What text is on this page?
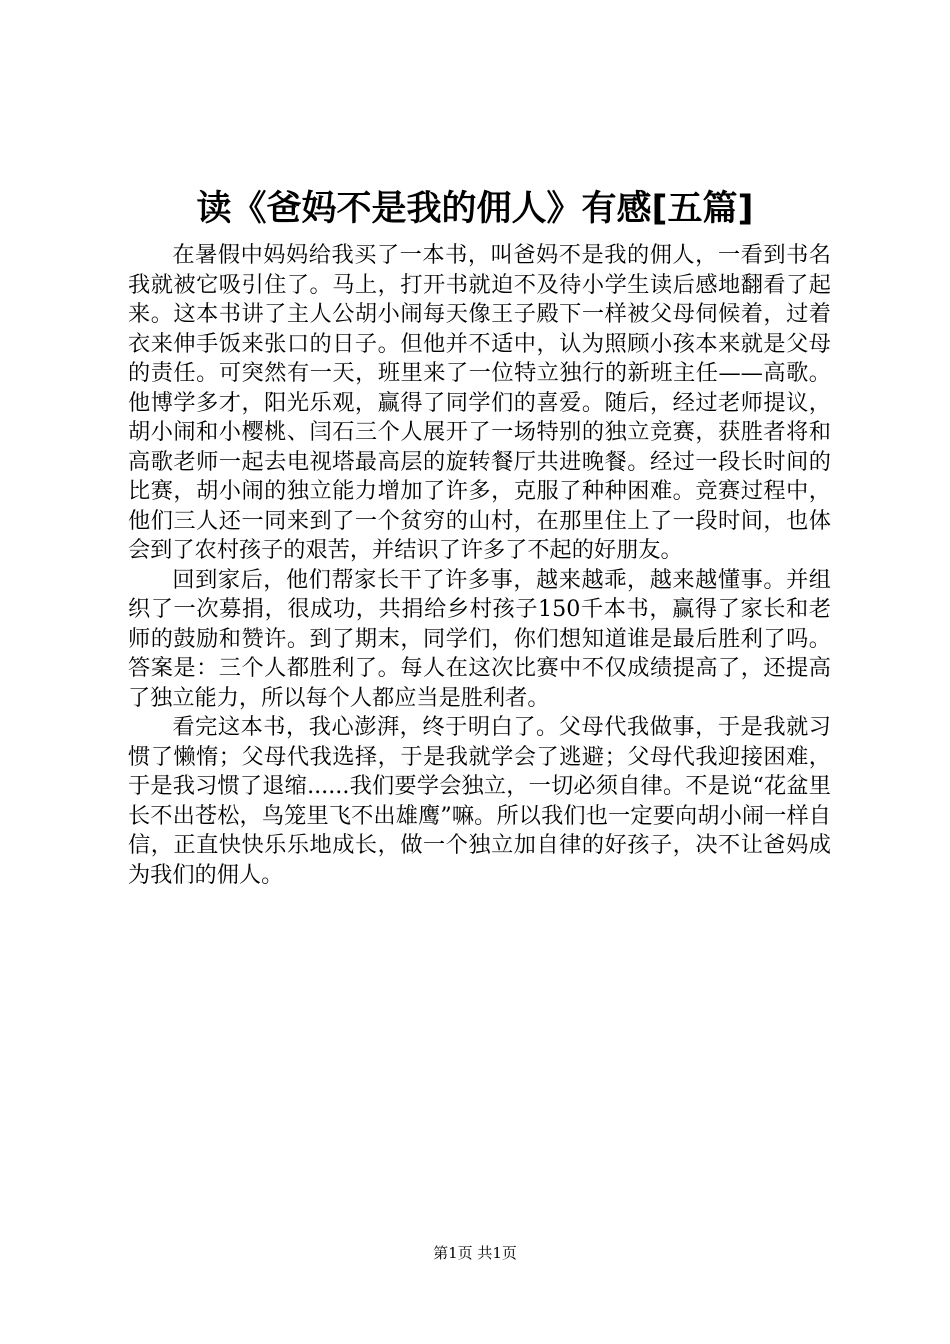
读《爸妈不是我的佣人》有感[五篇]

在暑假中妈妈给我买了一本书，叫爸妈不是我的佣人，一看到书名我就被它吸引住了。马上，打开书就迫不及待小学生读后感地翻看了起来。这本书讲了主人公胡小闹每天像王子殿下一样被父母伺候着，过着衣来伸手饭来张口的日子。但他并不适中，认为照顾小孩本来就是父母的责任。可突然有一天，班里来了一位特立独行的新班主任——高歌。他博学多才，阳光乐观，赢得了同学们的喜爱。随后，经过老师提议，胡小闹和小樱桃、闫石三个人展开了一场特别的独立竞赛，获胜者将和高歌老师一起去电视塔最高层的旋转餐厅共进晚餐。经过一段长时间的比赛，胡小闹的独立能力增加了许多，克服了种种困难。竞赛过程中，他们三人还一同来到了一个贫穷的山村，在那里住上了一段时间，也体会到了农村孩子的艰苦，并结识了许多了不起的好朋友。

回到家后，他们帮家长干了许多事，越来越乖，越来越懂事。并组织了一次募捐，很成功，共捐给乡村孩子150千本书，赢得了家长和老师的鼓励和赞许。到了期末，同学们，你们想知道谁是最后胜利了吗。答案是：三个人都胜利了。每人在这次比赛中不仅成绩提高了，还提高了独立能力，所以每个人都应当是胜利者。

看完这本书，我心澎湃，终于明白了。父母代我做事，于是我就习惯了懒惰；父母代我选择，于是我就学会了逃避；父母代我迎接困难，于是我习惯了退缩......我们要学会独立，一切必须自律。不是说“花盆里长不出苍松，鸟笼里飞不出雄鹰”嘛。所以我们也一定要向胡小闹一样自信，正直快快乐乐地成长，做一个独立加自律的好孩子，决不让爸妈成为我们的佣人。

第1页 共1页
